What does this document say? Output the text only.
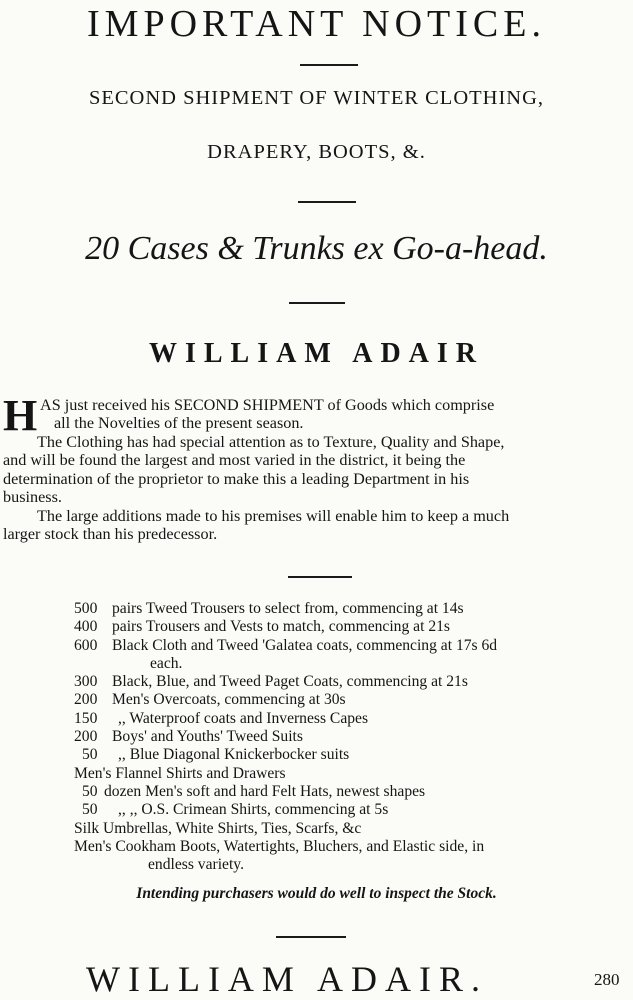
IMPORTANT NOTICE.
SECOND SHIPMENT OF WINTER CLOTHING,
DRAPERY, BOOTS, &.
20 Cases & Trunks ex Go-a-head.
WILLIAM ADAIR
H AS just received his SECOND SHIPMENT of Goods which comprise
all the Novelties of the present season.
The Clothing has had special attention as to Texture, Quality and Shape,
and will be found the largest and most varied in the district, it being the
determination of the proprietor to make this a leading Department in his
business.
The large additions made to his premises will enable him to keep a much
larger stock than his predecessor.
500 pairs Tweed Trousers to select from, commencing at 14s
400 pairs Trousers and Vests to match, commencing at 21s
600 Black Cloth and Tweed 'Galatea coats, commencing at 17s 6d
each.
300 Black, Blue, and Tweed Paget Coats, commencing at 21s
200 Men's Overcoats, commencing at 30s
150	,, Waterproof coats and Inverness Capes
200 Boys' and Youths' Tweed Suits
50	,, Blue Diagonal Knickerbocker suits
Men's Flannel Shirts and Drawers
50 dozen Men's soft and hard Felt Hats, newest shapes
50	,, ,, O.S. Crimean Shirts, commencing at 5s
Silk Umbrellas, White Shirts, Ties, Scarfs, &c
Men's Cookham Boots, Watertights, Bluchers, and Elastic side, in
endless variety.
Intending purchasers would do well to inspect the Stock.
WILLIAM ADAIR.	280
